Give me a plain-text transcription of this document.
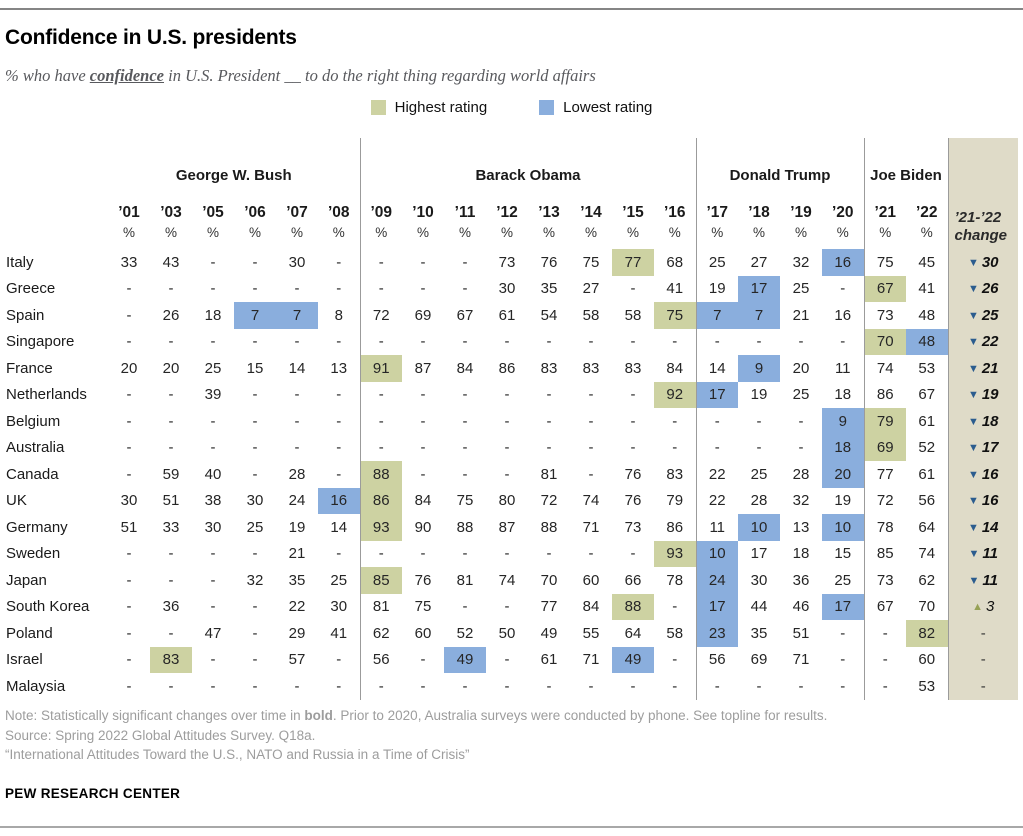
Confidence in U.S. presidents

% who have confidence in U.S. President __ to do the right thing regarding world affairs

Highest rating	Lowest rating
	George W. Bush						Barack Obama								Donald Trump				Joe Biden		’21-’22
change

	’01	’03	’05	’06	’07	’08	’09	’10	’11	’12	’13	’14	’15	’16	’17	’18	’19	’20	’21	’22	
	%	%	%	%	%	%	%	%	%	%	%	%	%	%	%	%	%	%	%	%	
Italy	33	43	-	-	30	-	-	-	-	73	76	75	77	68	25	27	32	16	75	45	▼ 30
Greece	-	-	-	-	-	-	-	-	-	30	35	27	-	41	19	17	25	-	67	41	▼ 26
Spain	-	26	18	7	7	8	72	69	67	61	54	58	58	75	7	7	21	16	73	48	▼ 25
Singapore	-	-	-	-	-	-	-	-	-	-	-	-	-	-	-	-	-	-	70	48	▼ 22
France	20	20	25	15	14	13	91	87	84	86	83	83	83	84	14	9	20	11	74	53	▼ 21
Netherlands	-	-	39	-	-	-	-	-	-	-	-	-	-	92	17	19	25	18	86	67	▼ 19
Belgium	-	-	-	-	-	-	-	-	-	-	-	-	-	-	-	-	-	9	79	61	▼ 18
Australia	-	-	-	-	-	-	-	-	-	-	-	-	-	-	-	-	-	18	69	52	▼ 17
Canada	-	59	40	-	28	-	88	-	-	-	81	-	76	83	22	25	28	20	77	61	▼ 16
UK	30	51	38	30	24	16	86	84	75	80	72	74	76	79	22	28	32	19	72	56	▼ 16
Germany	51	33	30	25	19	14	93	90	88	87	88	71	73	86	11	10	13	10	78	64	▼ 14
Sweden	-	-	-	-	21	-	-	-	-	-	-	-	-	93	10	17	18	15	85	74	▼ 11
Japan	-	-	-	32	35	25	85	76	81	74	70	60	66	78	24	30	36	25	73	62	▼ 11
South Korea	-	36	-	-	22	30	81	75	-	-	77	84	88	-	17	44	46	17	67	70	▲ 3
Poland	-	-	47	-	29	41	62	60	52	50	49	55	64	58	23	35	51	-	-	82	-
Israel	-	83	-	-	57	-	56	-	49	-	61	71	49	-	56	69	71	-	-	60	-
Malaysia	-	-	-	-	-	-	-	-	-	-	-	-	-	-	-	-	-	-	-	53	-
Note: Statistically significant changes over time in bold. Prior to 2020, Australia surveys were conducted by phone. See topline for results.
Source: Spring 2022 Global Attitudes Survey. Q18a.
“International Attitudes Toward the U.S., NATO and Russia in a Time of Crisis”
PEW RESEARCH CENTER
